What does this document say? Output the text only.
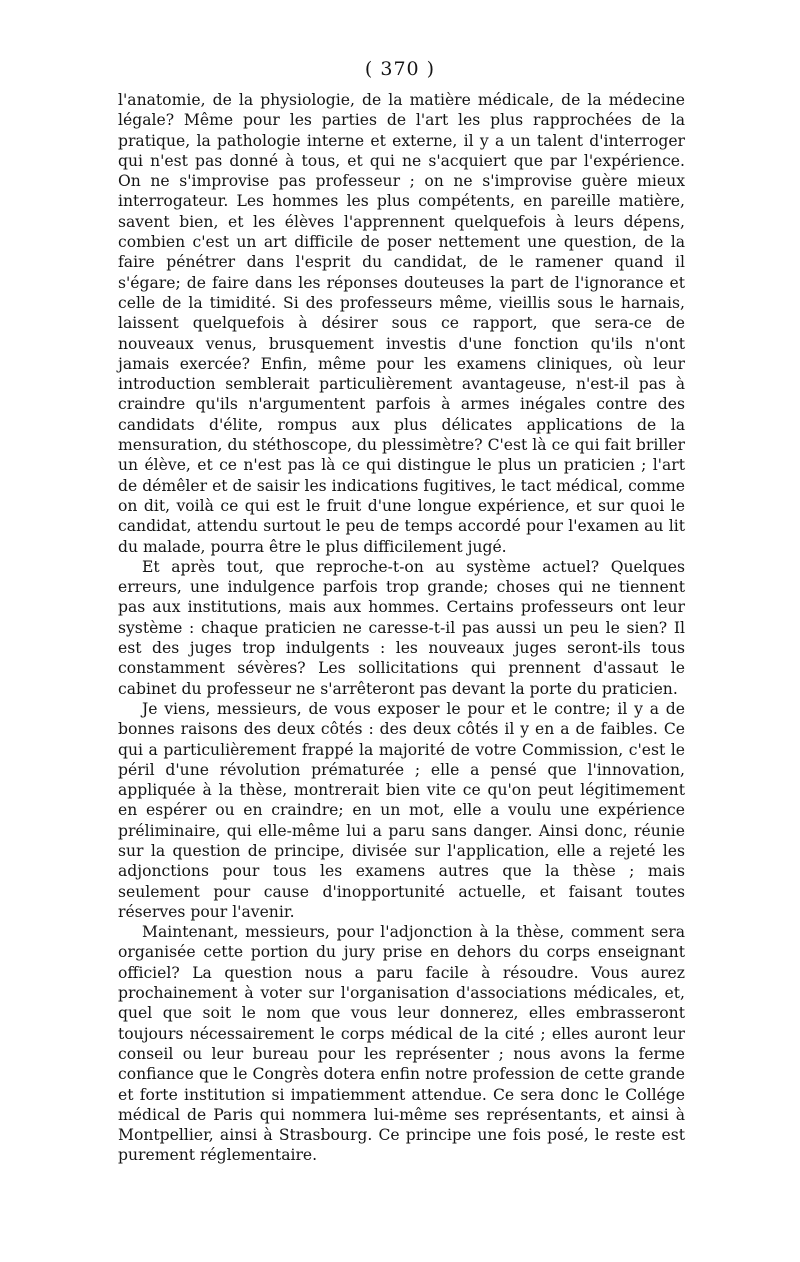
( 370 )

l'anatomie, de la physiologie, de la matière médicale, de la médecine légale? Même pour les parties de l'art les plus rapprochées de la pratique, la pathologie interne et externe, il y a un talent d'interroger qui n'est pas donné à tous, et qui ne s'acquiert que par l'expérience. On ne s'improvise pas professeur ; on ne s'improvise guère mieux interrogateur. Les hommes les plus compétents, en pareille matière, savent bien, et les élèves l'apprennent quelquefois à leurs dépens, combien c'est un art difficile de poser nettement une question, de la faire pénétrer dans l'esprit du candidat, de le ramener quand il s'égare; de faire dans les réponses douteuses la part de l'ignorance et celle de la timidité. Si des professeurs même, vieillis sous le harnais, laissent quelquefois à désirer sous ce rapport, que sera-ce de nouveaux venus, brusquement investis d'une fonction qu'ils n'ont jamais exercée? Enfin, même pour les examens cliniques, où leur introduction semblerait particulièrement avantageuse, n'est-il pas à craindre qu'ils n'argumentent parfois à armes inégales contre des candidats d'élite, rompus aux plus délicates applications de la mensuration, du stéthoscope, du plessimètre? C'est là ce qui fait briller un élève, et ce n'est pas là ce qui distingue le plus un praticien ; l'art de démêler et de saisir les indications fugitives, le tact médical, comme on dit, voilà ce qui est le fruit d'une longue expérience, et sur quoi le candidat, attendu surtout le peu de temps accordé pour l'examen au lit du malade, pourra être le plus difficilement jugé.

Et après tout, que reproche-t-on au système actuel? Quelques erreurs, une indulgence parfois trop grande; choses qui ne tiennent pas aux institutions, mais aux hommes. Certains professeurs ont leur système : chaque praticien ne caresse-t-il pas aussi un peu le sien? Il est des juges trop indulgents : les nouveaux juges seront-ils tous constamment sévères? Les sollicitations qui prennent d'assaut le cabinet du professeur ne s'arrêteront pas devant la porte du praticien.

Je viens, messieurs, de vous exposer le pour et le contre; il y a de bonnes raisons des deux côtés : des deux côtés il y en a de faibles. Ce qui a particulièrement frappé la majorité de votre Commission, c'est le péril d'une révolution prématurée ; elle a pensé que l'innovation, appliquée à la thèse, montrerait bien vite ce qu'on peut légitimement en espérer ou en craindre; en un mot, elle a voulu une expérience préliminaire, qui elle-même lui a paru sans danger. Ainsi donc, réunie sur la question de principe, divisée sur l'application, elle a rejeté les adjonctions pour tous les examens autres que la thèse ; mais seulement pour cause d'inopportunité actuelle, et faisant toutes réserves pour l'avenir.

Maintenant, messieurs, pour l'adjonction à la thèse, comment sera organisée cette portion du jury prise en dehors du corps enseignant officiel? La question nous a paru facile à résoudre. Vous aurez prochainement à voter sur l'organisation d'associations médicales, et, quel que soit le nom que vous leur donnerez, elles embrasseront toujours nécessairement le corps médical de la cité ; elles auront leur conseil ou leur bureau pour les représenter ; nous avons la ferme confiance que le Congrès dotera enfin notre profession de cette grande et forte institution si impatiemment attendue. Ce sera donc le Collége médical de Paris qui nommera lui-même ses représentants, et ainsi à Montpellier, ainsi à Strasbourg. Ce principe une fois posé, le reste est purement réglementaire.
